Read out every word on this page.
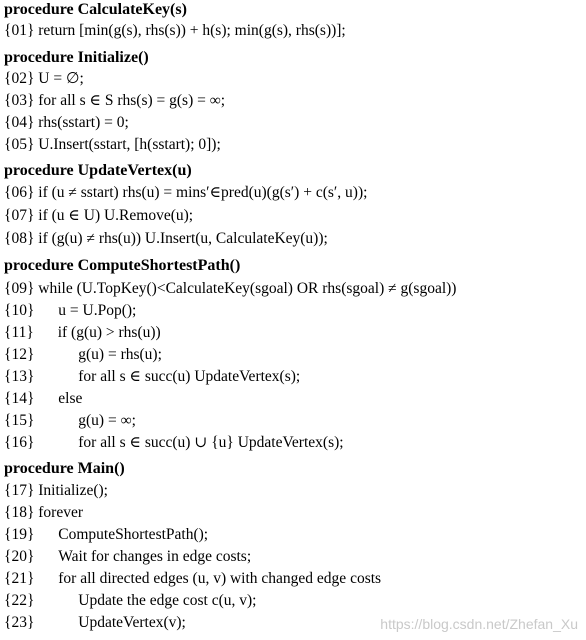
procedure CalculateKey(s)
{01} return [min(g(s), rhs(s)) + h(s); min(g(s), rhs(s))];
procedure Initialize()
{02} U = ∅;
{03} for all s ∈ S rhs(s) = g(s) = ∞;
{04} rhs(sstart) = 0;
{05} U.Insert(sstart, [h(sstart); 0]);
procedure UpdateVertex(u)
{06} if (u ≠ sstart) rhs(u) = mins′∈pred(u)(g(s′) + c(s′, u));
{07} if (u ∈ U) U.Remove(u);
{08} if (g(u) ≠ rhs(u)) U.Insert(u, CalculateKey(u));
procedure ComputeShortestPath()
{09} while (U.TopKey()<CalculateKey(sgoal) OR rhs(sgoal) ≠ g(sgoal))
{10} u = U.Pop();
{11} if (g(u) > rhs(u))
{12}	g(u) = rhs(u);
{13}	for all s ∈ succ(u) UpdateVertex(s);
{14} else
{15}	g(u) = ∞;
{16}	for all s ∈ succ(u) ∪ {u} UpdateVertex(s);
procedure Main()
{17} Initialize();
{18} forever
{19} ComputeShortestPath();
{20} Wait for changes in edge costs;
{21} for all directed edges (u, v) with changed edge costs
{22}	Update the edge cost c(u, v);
{23}	UpdateVertex(v);	https://blog.csdn.net/Zhefan_Xu
